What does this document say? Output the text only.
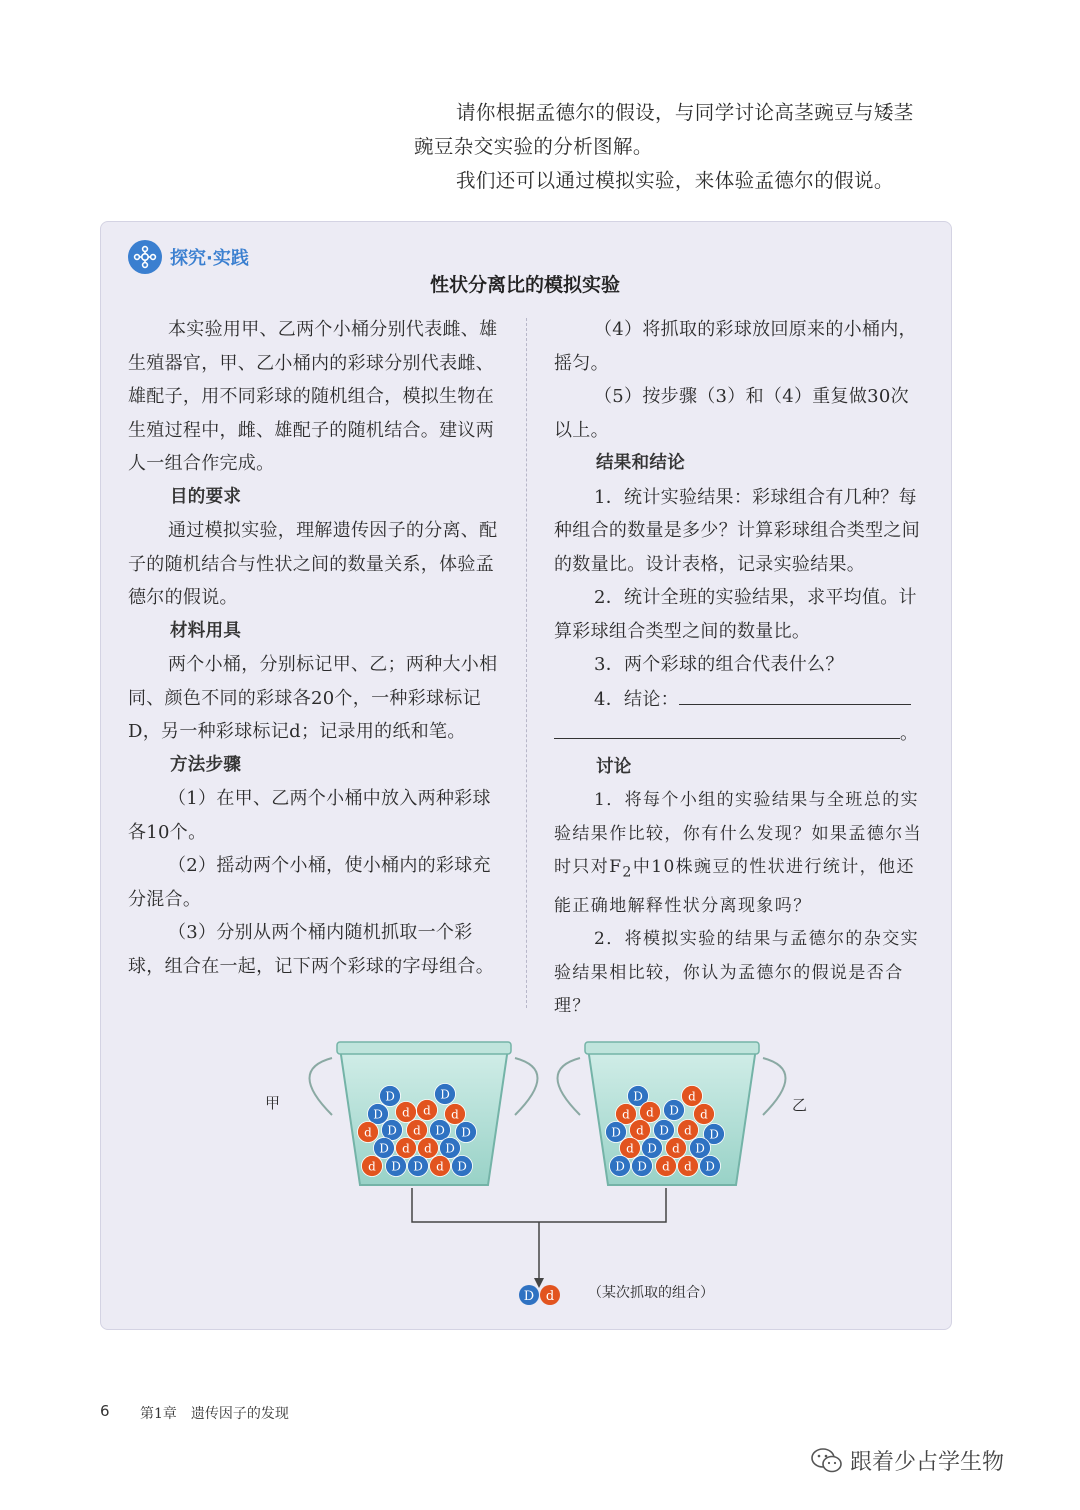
请你根据孟德尔的假设，与同学讨论高茎豌豆与矮茎

豌豆杂交实验的分析图解。

我们还可以通过模拟实验，来体验孟德尔的假说。

探究·实践
性状分离比的模拟实验

本实验用甲、乙两个小桶分别代表雌、雄生殖器官，甲、乙小桶内的彩球分别代表雌、雄配子，用不同彩球的随机组合，模拟生物在生殖过程中，雌、雄配子的随机结合。建议两人一组合作完成。

目的要求

通过模拟实验，理解遗传因子的分离、配子的随机结合与性状之间的数量关系，体验孟德尔的假说。

材料用具

两个小桶，分别标记甲、乙；两种大小相同、颜色不同的彩球各20个，一种彩球标记D，另一种彩球标记d；记录用的纸和笔。

方法步骤

（1）在甲、乙两个小桶中放入两种彩球各10个。

（2）摇动两个小桶，使小桶内的彩球充分混合。

（3）分别从两个桶内随机抓取一个彩球，组合在一起，记下两个彩球的字母组合。

（4）将抓取的彩球放回原来的小桶内，摇匀。

（5）按步骤（3）和（4）重复做30次以上。

结果和结论

1．统计实验结果：彩球组合有几种？每种组合的数量是多少？计算彩球组合类型之间的数量比。设计表格，记录实验结果。

2．统计全班的实验结果，求平均值。计算彩球组合类型之间的数量比。

3．两个彩球的组合代表什么？

4．结论：

。

讨论

1．将每个小组的实验结果与全班总的实验结果作比较，你有什么发现？如果孟德尔当时只对$F_2$中10株豌豆的性状进行统计，他还能正确地解释性状分离现象吗？

2．将模拟实验的结果与孟德尔的杂交实验结果相比较，你认为孟德尔的假说是否合理？

D	D
D d d d
d D d D D
D d d D
d D D d D
D	d
d d D d
D d D d D
d D d D
D D d d D
D d
甲	乙
（某次抓取的组合）
6 第1章　遗传因子的发现
跟着少占学生物
